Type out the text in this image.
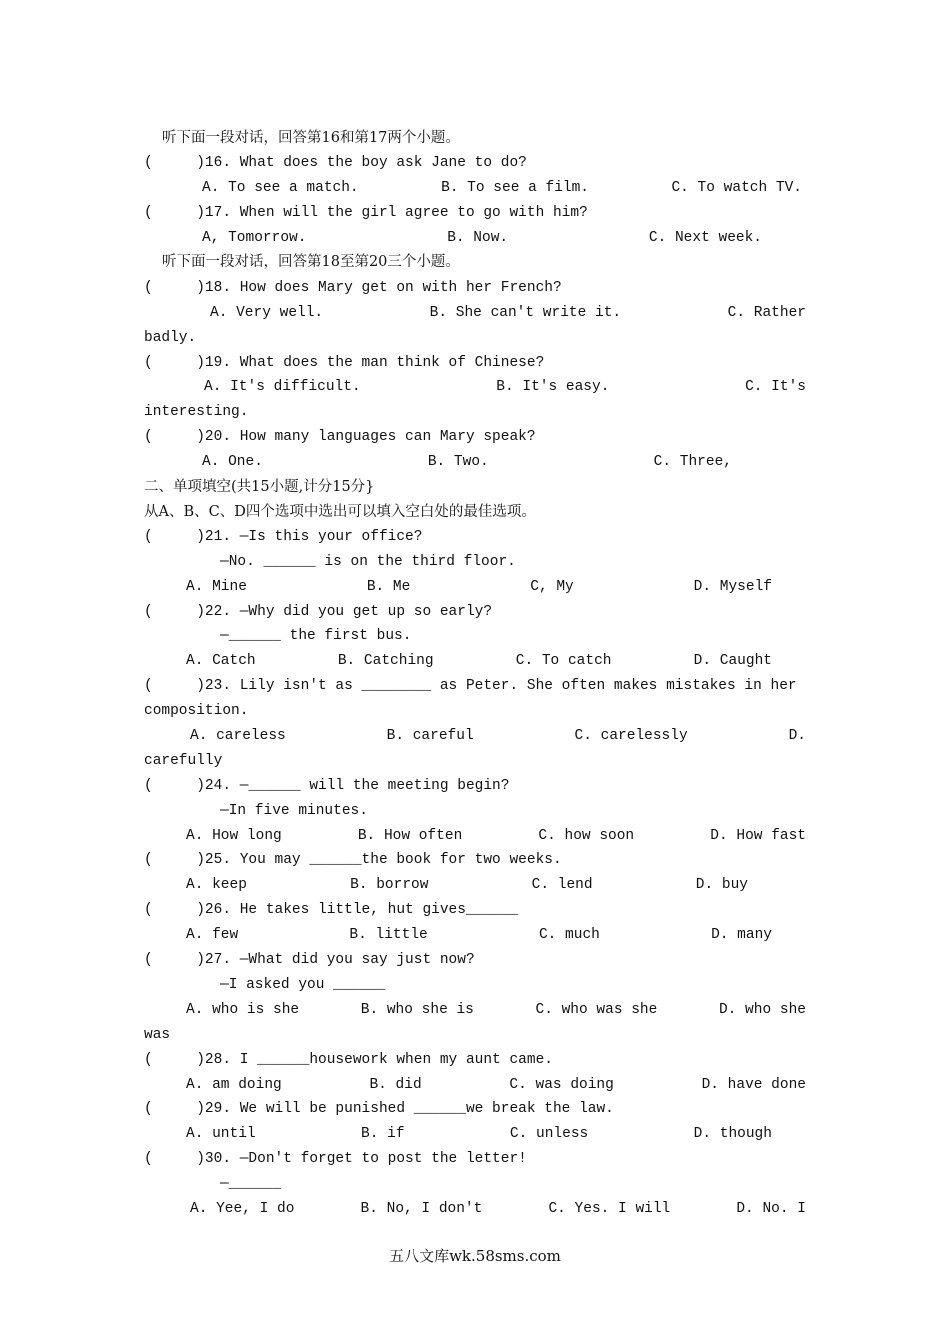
听下面一段对话，回答第16和第17两个小题。
(     )16. What does the boy ask Jane to do?
A. To see a match.	B. To see a film.	C. To watch TV.
(     )17. When will the girl agree to go with him?
A, Tomorrow.	B. Now.	C. Next week.
听下面一段对话，回答第18至第20三个小题。
(     )18. How does Mary get on with her French?
A. Very well.	B. She can't write it.	C. Rather
badly.
(     )19. What does the man think of Chinese?
A. It's difficult.	B. It's easy.	C. It's
interesting.
(     )20. How many languages can Mary speak?
A. One.	B. Two.	C. Three,
二、单项填空(共15小题,计分15分}
从A、B、C、D四个选项中选出可以填入空白处的最佳选项。
(     )21. —Is this your office?
—No. ______ is on the third floor.
A. Mine	B. Me	C, My	D. Myself
(     )22. —Why did you get up so early?
—______ the first bus.
A. Catch	B. Catching	C. To catch	D. Caught
(     )23. Lily isn't as ________ as Peter. She often makes mistakes in her
composition.
A. careless	B. careful	C. carelessly	D.
carefully
(     )24. —______ will the meeting begin?
—In five minutes.
A. How long	B. How often	C. how soon	D. How fast
(     )25. You may ______the book for two weeks.
A. keep	B. borrow	C. lend	D. buy
(     )26. He takes little, hut gives______
A. few	B. little	C. much	D. many
(     )27. —What did you say just now?
—I asked you ______
A. who is she	B. who she is	C. who was she	D. who she
was
(     )28. I ______housework when my aunt came.
A. am doing	B. did	C. was doing	D. have done
(     )29. We will be punished ______we break the law.
A. until	B. if	C. unless	D. though
(     )30. —Don't forget to post the letter!
—______
A. Yee, I do	B. No, I don't	C. Yes. I will	D. No. I
五八文库wk.58sms.com
